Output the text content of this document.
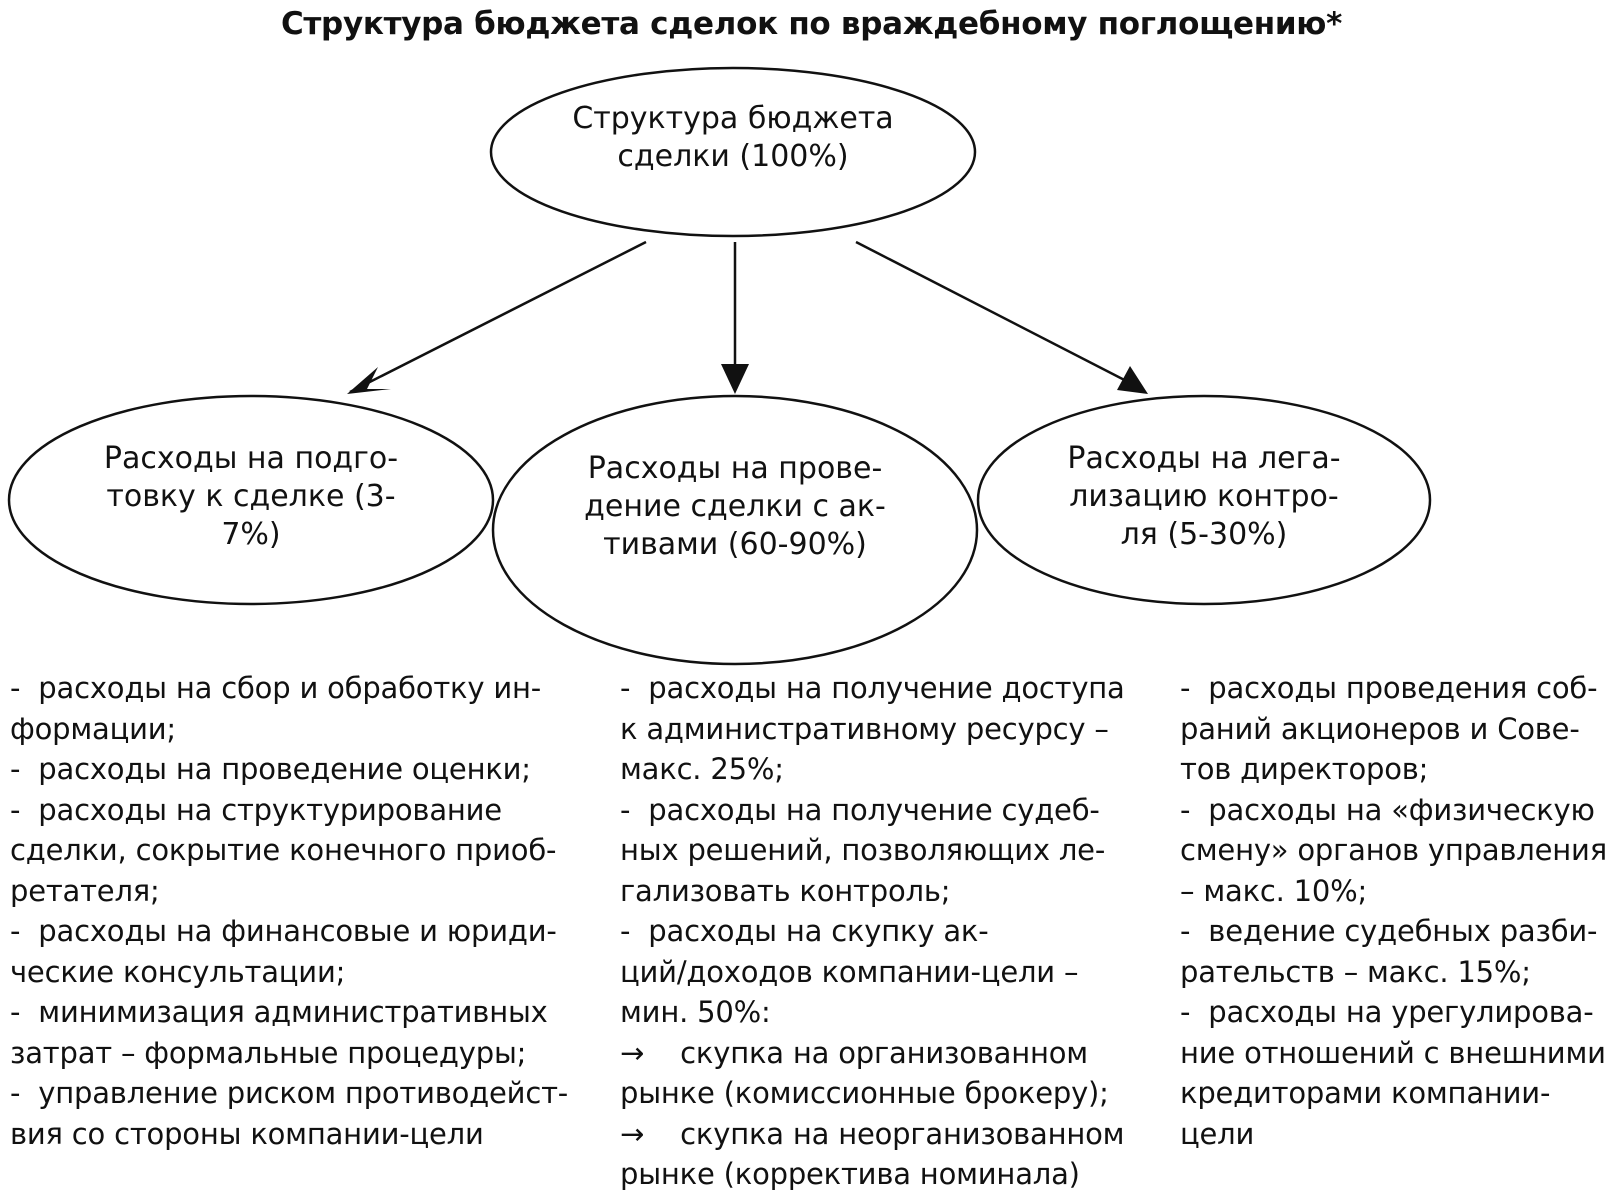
Структура бюджета сделок по враждебному поглощению*
Структура бюджета
сделки (100%)
Расходы на подго-
товку к сделке (3-
7%)
Расходы на прове-
дение сделки с ак-
тивами (60-90%)
Расходы на лега-
лизацию контро-
ля (5-30%)
-  расходы на сбор и обработку ин-
формации;
-  расходы на проведение оценки;
-  расходы на структурирование
сделки, сокрытие конечного приоб-
ретателя;
-  расходы на финансовые и юриди-
ческие консультации;
-  минимизация административных
затрат – формальные процедуры;
-  управление риском противодейст-
вия со стороны компании-цели
-  расходы на получение доступа
к административному ресурсу –
макс. 25%;
-  расходы на получение судеб-
ных решений, позволяющих ле-
гализовать контроль;
-  расходы на скупку ак-
ций/доходов компании-цели –
мин. 50%:
→    скупка на организованном
рынке (комиссионные брокеру);
→    скупка на неорганизованном
рынке (корректива номинала)
-  расходы проведения соб-
раний акционеров и Сове-
тов директоров;
-  расходы на «физическую
смену» органов управления
– макс. 10%;
-  ведение судебных разби-
рательств – макс. 15%;
-  расходы на урегулирова-
ние отношений с внешними
кредиторами компании-
цели
